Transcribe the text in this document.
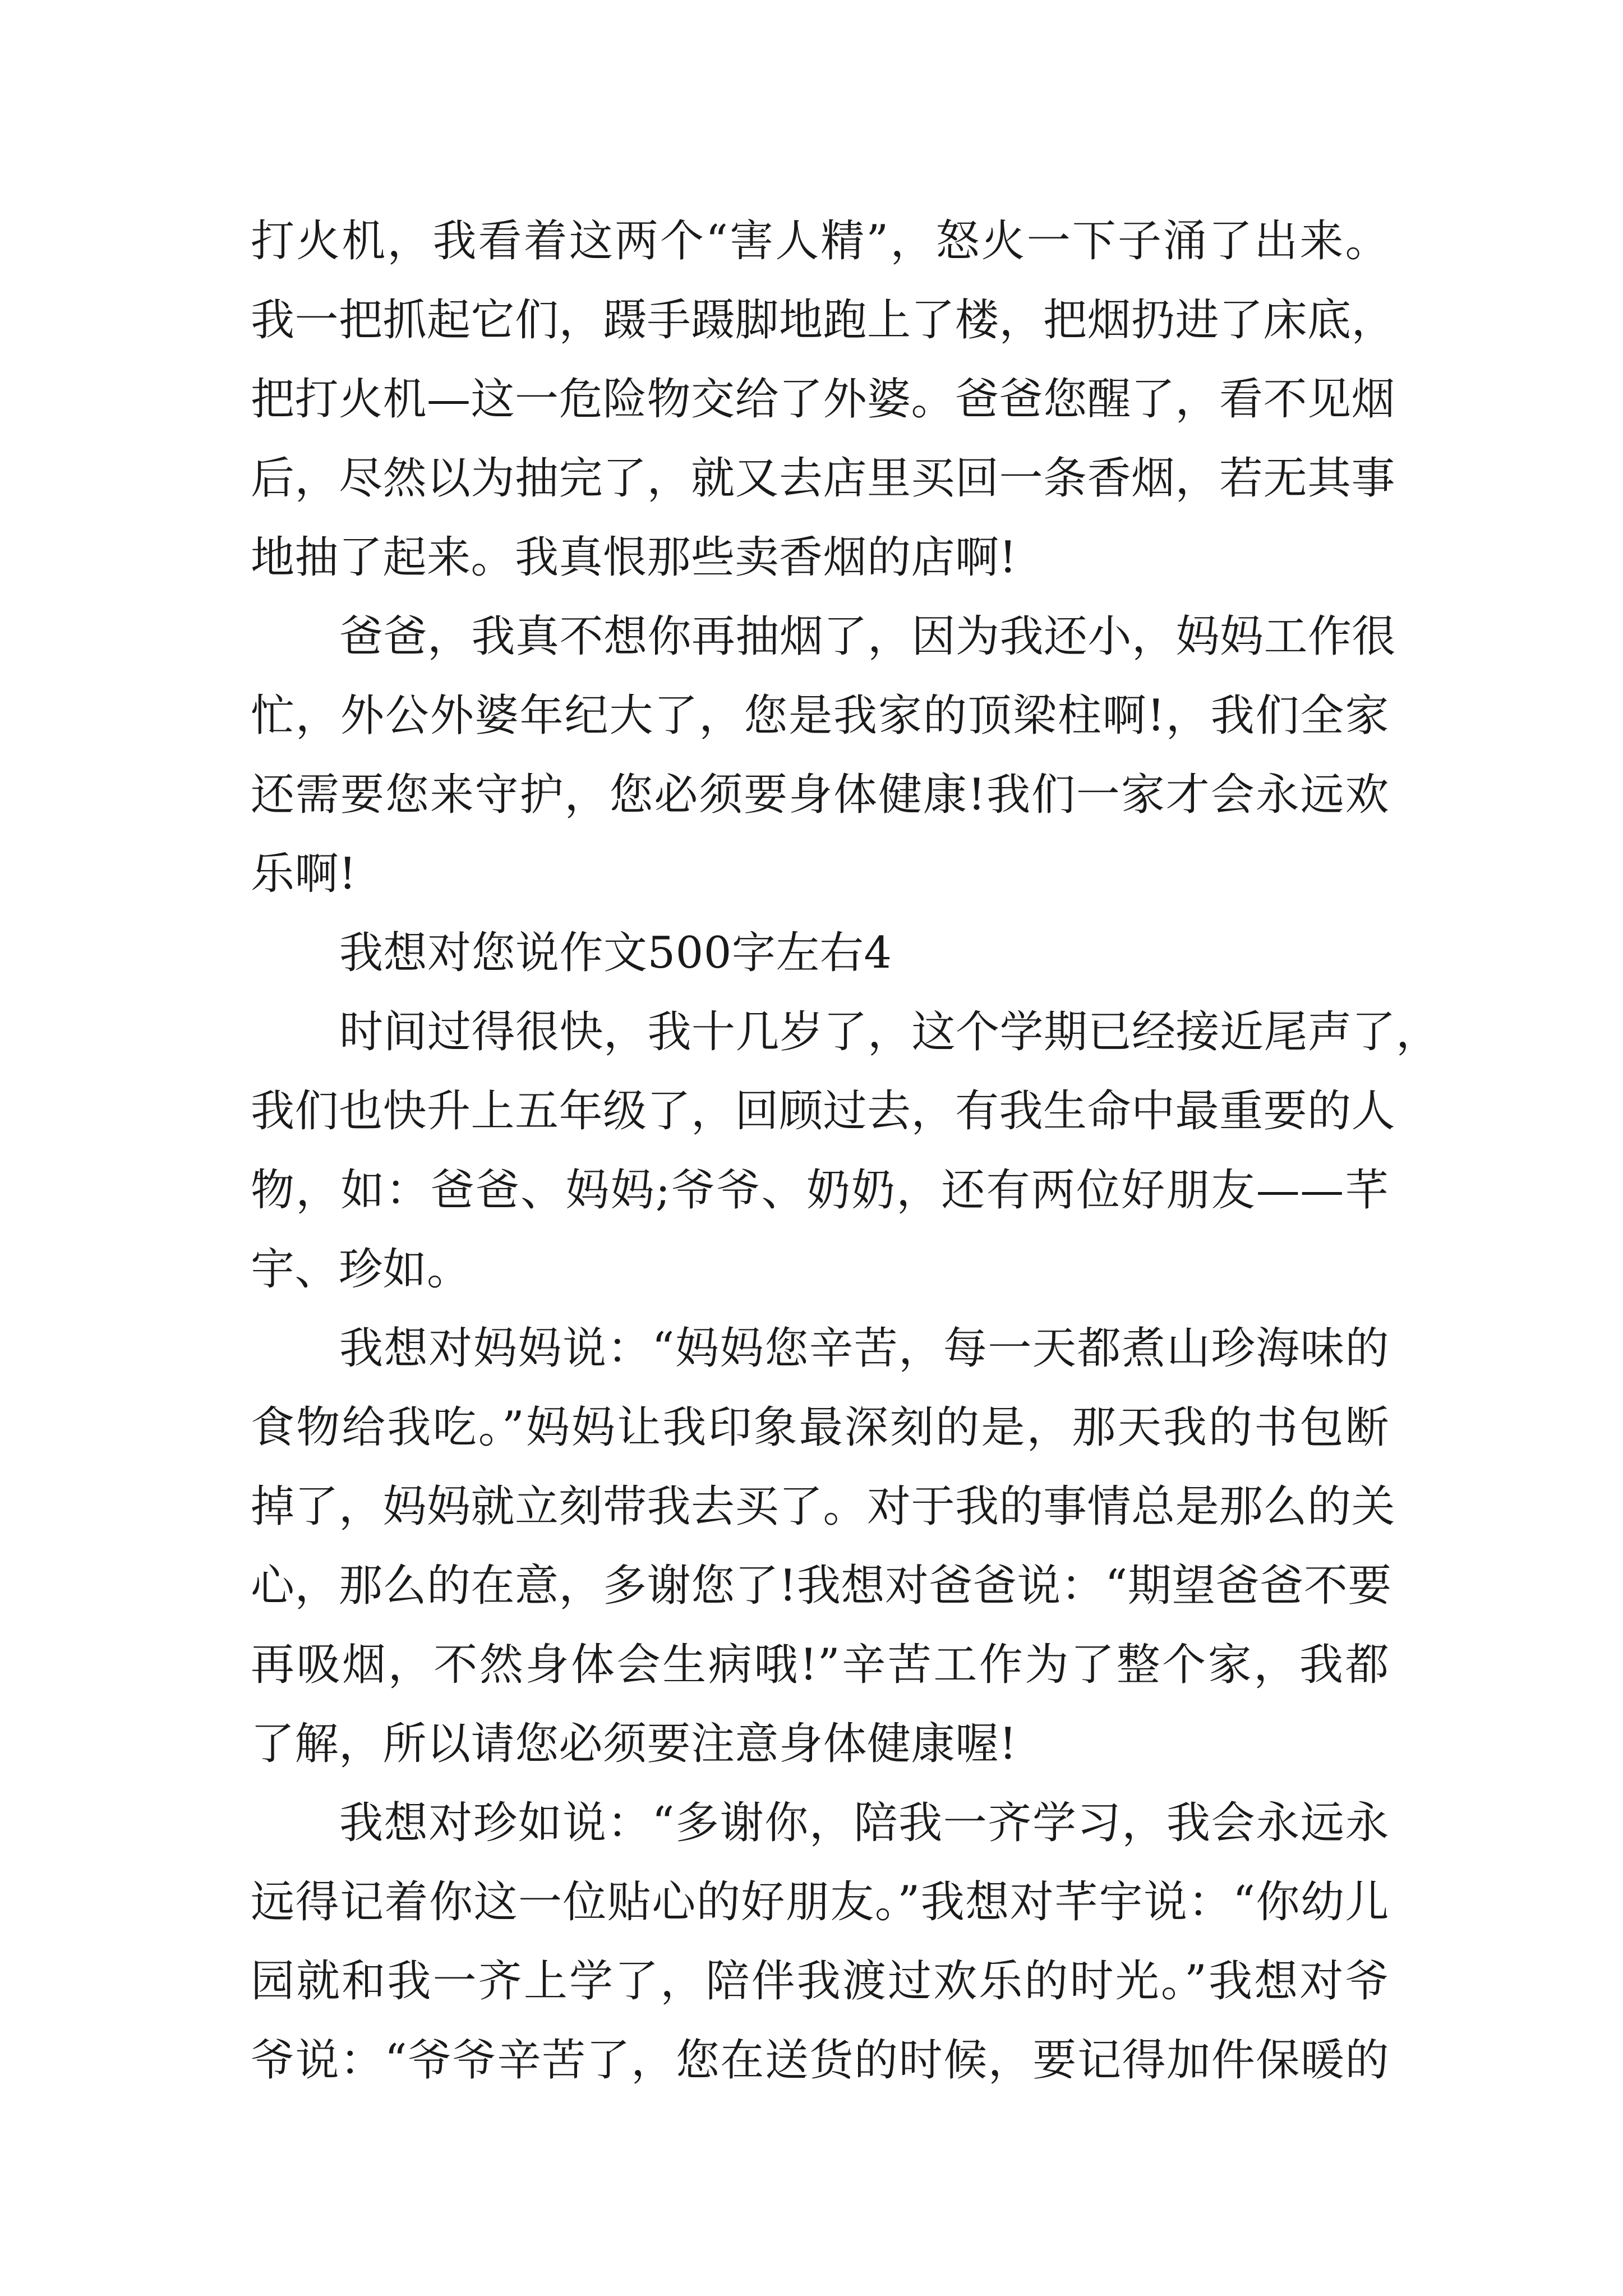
打火机，我看着这两个“害人精”，怒火一下子涌了出来。
我一把抓起它们，蹑手蹑脚地跑上了楼，把烟扔进了床底，
把打火机—这一危险物交给了外婆。爸爸您醒了，看不见烟
后，尽然以为抽完了，就又去店里买回一条香烟，若无其事
地抽了起来。我真恨那些卖香烟的店啊!
爸爸，我真不想你再抽烟了，因为我还小，妈妈工作很
忙，外公外婆年纪大了，您是我家的顶梁柱啊!，我们全家
还需要您来守护，您必须要身体健康!我们一家才会永远欢
乐啊!
我想对您说作文500字左右4
时间过得很快，我十几岁了，这个学期已经接近尾声了，
我们也快升上五年级了，回顾过去，有我生命中最重要的人
物，如：爸爸、妈妈;爷爷、奶奶，还有两位好朋友——芊
宇、珍如。
我想对妈妈说：“妈妈您辛苦，每一天都煮山珍海味的
食物给我吃。”妈妈让我印象最深刻的是，那天我的书包断
掉了，妈妈就立刻带我去买了。对于我的事情总是那么的关
心，那么的在意，多谢您了!我想对爸爸说：“期望爸爸不要
再吸烟，不然身体会生病哦!”辛苦工作为了整个家，我都
了解，所以请您必须要注意身体健康喔!
我想对珍如说：“多谢你，陪我一齐学习，我会永远永
远得记着你这一位贴心的好朋友。”我想对芊宇说：“你幼儿
园就和我一齐上学了，陪伴我渡过欢乐的时光。”我想对爷
爷说：“爷爷辛苦了，您在送货的时候，要记得加件保暖的
